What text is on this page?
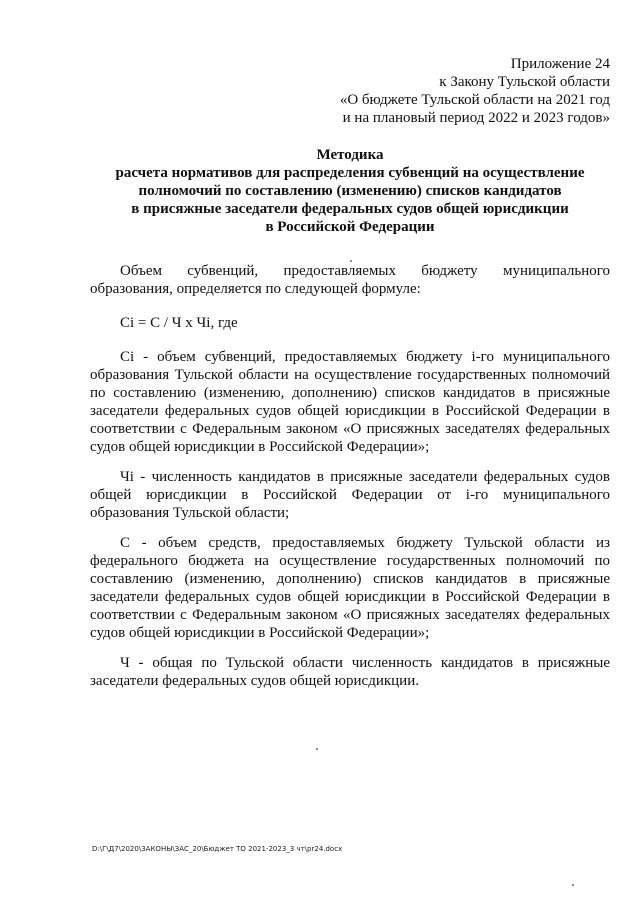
Приложение 24
к Закону Тульской области
«О бюджете Тульской области на 2021 год
и на плановый период 2022 и 2023 годов»
Методика
расчета нормативов для распределения субвенций на осуществление
полномочий по составлению (изменению) списков кандидатов
в присяжные заседатели федеральных судов общей юрисдикции
в Российской Федерации

Объем субвенций, предоставляемых бюджету муниципального образования, определяется по следующей формуле:

Ci = C / Ч x Чi, где

Ci - объем субвенций, предоставляемых бюджету i-го муниципального образования Тульской области на осуществление государственных полномочий по составлению (изменению, дополнению) списков кандидатов в присяжные заседатели федеральных судов общей юрисдикции в Российской Федерации в соответствии с Федеральным законом «О присяжных заседателях федеральных судов общей юрисдикции в Российской Федерации»;

Чi - численность кандидатов в присяжные заседатели федеральных судов общей юрисдикции в Российской Федерации от i-го муниципального образования Тульской области;

С - объем средств, предоставляемых бюджету Тульской области из федерального бюджета на осуществление государственных полномочий по составлению (изменению, дополнению) списков кандидатов в присяжные заседатели федеральных судов общей юрисдикции в Российской Федерации в соответствии с Федеральным законом «О присяжных заседателях федеральных судов общей юрисдикции в Российской Федерации»;

Ч - общая по Тульской области численность кандидатов в присяжные заседатели федеральных судов общей юрисдикции.

D:\Г\Д7\2020\ЗАКОНЫ\ЗАС_20\Бюджет ТО 2021-2023_3 чт\pr24.docx
